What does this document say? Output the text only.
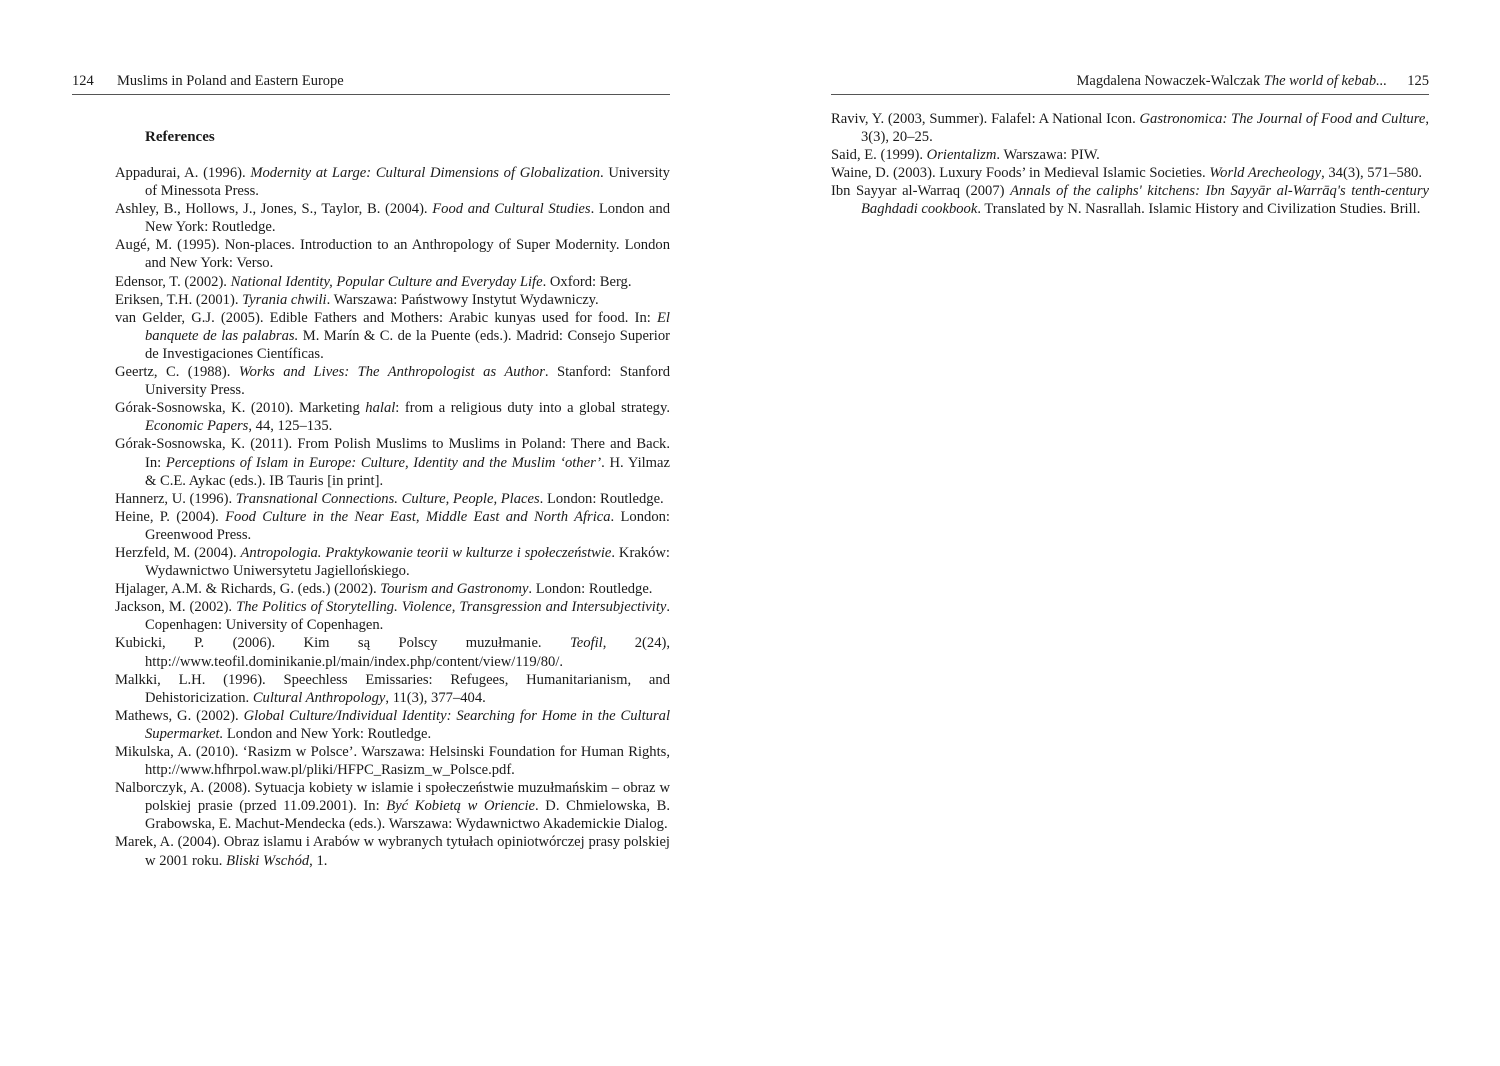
124 Muslims in Poland and Eastern Europe
References
Appadurai, A. (1996). Modernity at Large: Cultural Dimensions of Globalization. University of Minessota Press.
Ashley, B., Hollows, J., Jones, S., Taylor, B. (2004). Food and Cultural Studies. London and New York: Routledge.
Augé, M. (1995). Non-places. Introduction to an Anthropology of Super Modernity. London and New York: Verso.
Edensor, T. (2002). National Identity, Popular Culture and Everyday Life. Oxford: Berg.
Eriksen, T.H. (2001). Tyrania chwili. Warszawa: Państwowy Instytut Wydawniczy.
van Gelder, G.J. (2005). Edible Fathers and Mothers: Arabic kunyas used for food. In: El banquete de las palabras. M. Marín & C. de la Puente (eds.). Madrid: Consejo Superior de Investigaciones Científicas.
Geertz, C. (1988). Works and Lives: The Anthropologist as Author. Stanford: Stanford University Press.
Górak-Sosnowska, K. (2010). Marketing halal: from a religious duty into a global strategy. Economic Papers, 44, 125–135.
Górak-Sosnowska, K. (2011). From Polish Muslims to Muslims in Poland: There and Back. In: Perceptions of Islam in Europe: Culture, Identity and the Muslim ‘other’. H. Yilmaz & C.E. Aykac (eds.). IB Tauris [in print].
Hannerz, U. (1996). Transnational Connections. Culture, People, Places. London: Routledge.
Heine, P. (2004). Food Culture in the Near East, Middle East and North Africa. London: Greenwood Press.
Herzfeld, M. (2004). Antropologia. Praktykowanie teorii w kulturze i społeczeństwie. Kraków: Wydawnictwo Uniwersytetu Jagiellońskiego.
Hjalager, A.M. & Richards, G. (eds.) (2002). Tourism and Gastronomy. London: Routledge.
Jackson, M. (2002). The Politics of Storytelling. Violence, Transgression and Intersubjectivity. Copenhagen: University of Copenhagen.
Kubicki, P. (2006). Kim są Polscy muzułmanie. Teofil, 2(24), http://www.teofil.dominikanie.pl/main/index.php/content/view/119/80/.
Malkki, L.H. (1996). Speechless Emissaries: Refugees, Humanitarianism, and Dehistoricization. Cultural Anthropology, 11(3), 377–404.
Mathews, G. (2002). Global Culture/Individual Identity: Searching for Home in the Cultural Supermarket. London and New York: Routledge.
Mikulska, A. (2010). ‘Rasizm w Polsce’. Warszawa: Helsinski Foundation for Human Rights, http://www.hfhrpol.waw.pl/pliki/HFPC_Rasizm_w_Polsce.pdf.
Nalborczyk, A. (2008). Sytuacja kobiety w islamie i społeczeństwie muzułmańskim – obraz w polskiej prasie (przed 11.09.2001). In: Być Kobietą w Oriencie. D. Chmielowska, B. Grabowska, E. Machut-Mendecka (eds.). Warszawa: Wydawnictwo Akademickie Dialog.
Marek, A. (2004). Obraz islamu i Arabów w wybranych tytułach opiniotwórczej prasy polskiej w 2001 roku. Bliski Wschód, 1.
Magdalena Nowaczek-Walczak The world of kebab... 125
Raviv, Y. (2003, Summer). Falafel: A National Icon. Gastronomica: The Journal of Food and Culture, 3(3), 20–25.
Said, E. (1999). Orientalizm. Warszawa: PIW.
Waine, D. (2003). Luxury Foods’ in Medieval Islamic Societies. World Arecheology, 34(3), 571–580.
Ibn Sayyar al-Warraq (2007) Annals of the caliphs' kitchens: Ibn Sayyār al-Warrāq's tenth-century Baghdadi cookbook. Translated by N. Nasrallah. Islamic History and Civilization Studies. Brill.
